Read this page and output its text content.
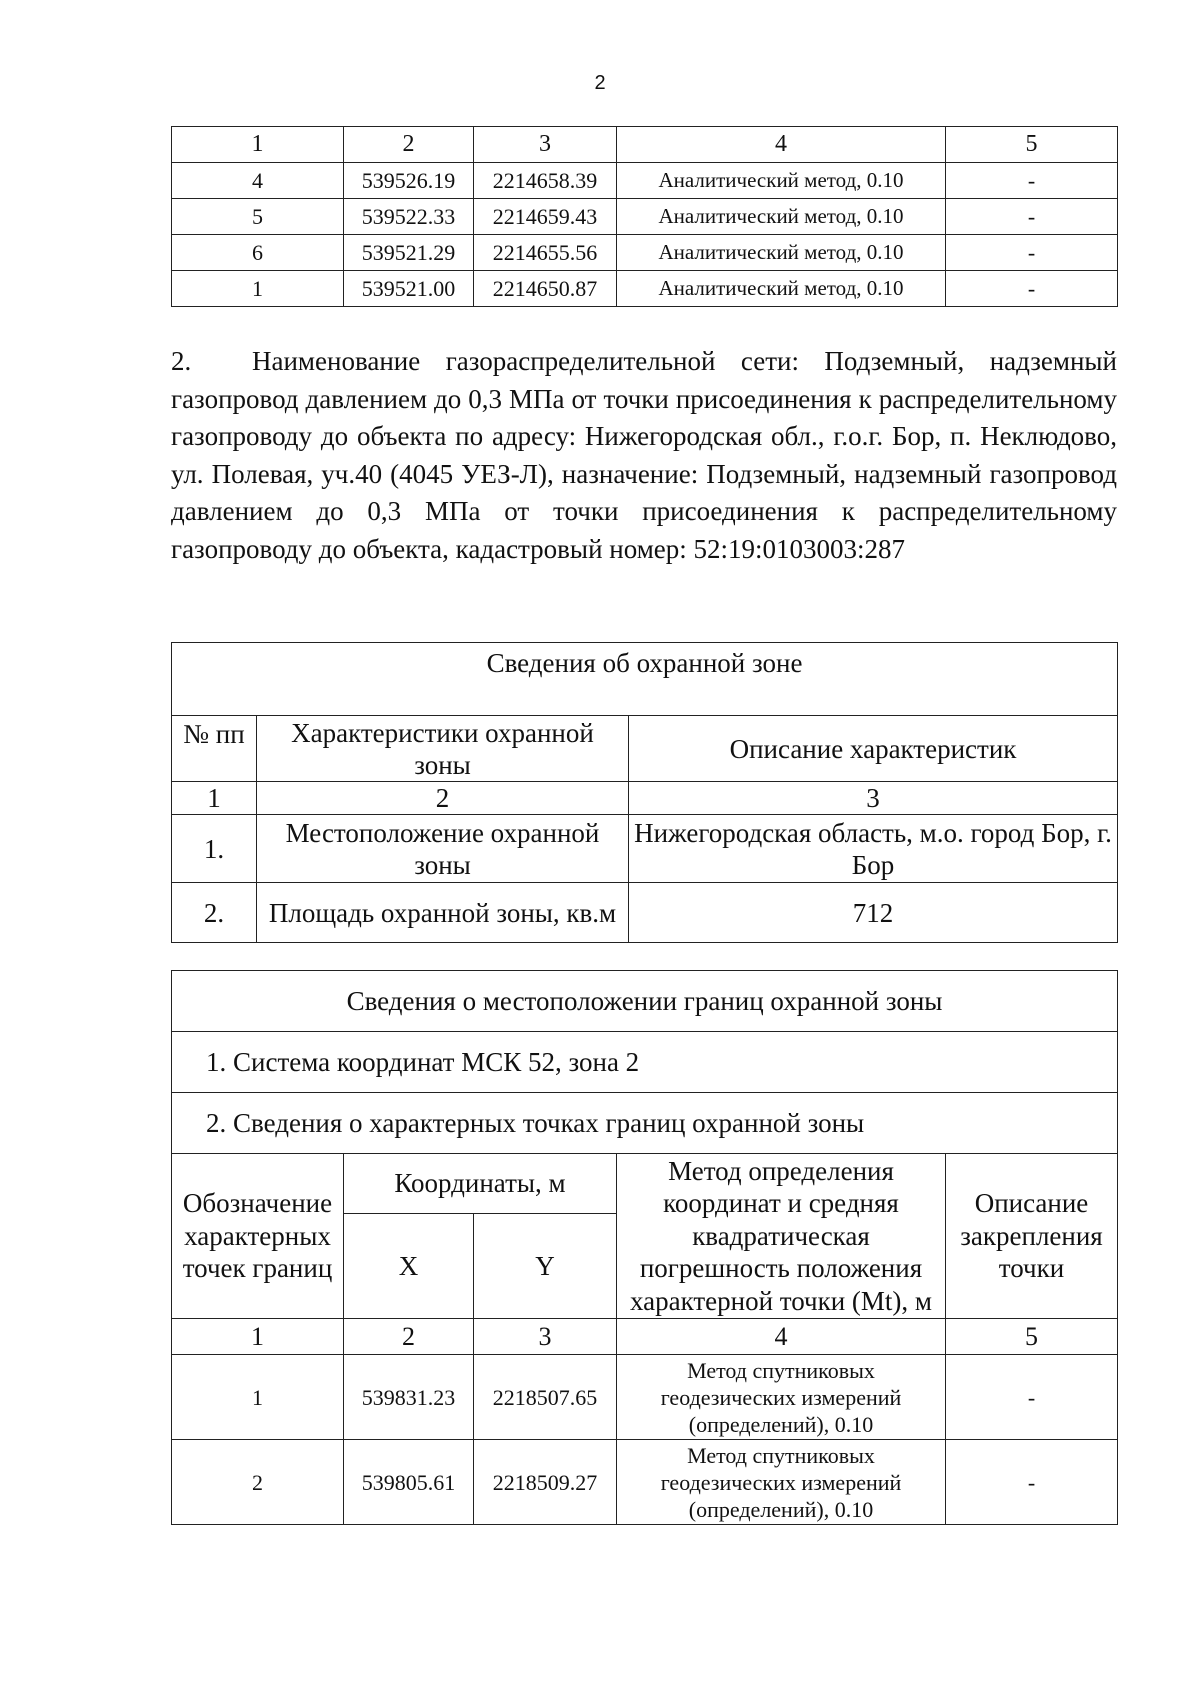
2
1	2	3	4	5
4	539526.19	2214658.39	Аналитический метод, 0.10	-
5	539522.33	2214659.43	Аналитический метод, 0.10	-
6	539521.29	2214655.56	Аналитический метод, 0.10	-
1	539521.00	2214650.87	Аналитический метод, 0.10	-

2. Наименование газораспределительной сети: Подземный, надземный газопровод давлением до 0,3 МПа от точки присоединения к распределительному газопроводу до объекта по адресу: Нижегородская обл., г.о.г. Бор, п. Неклюдово, ул. Полевая, уч.40 (4045 УЕЗ-Л), назначение: Подземный, надземный газопровод давлением до 0,3 МПа от точки присоединения к распределительному газопроводу до объекта, кадастровый номер: 52:19:0103003:287

Сведения об охранной зоне		
№ пп	Характеристики охранной зоны	Описание характеристик
1	2	3
1.	Местоположение охранной зоны	Нижегородская область, м.о. город Бор, г. Бор
2.	Площадь охранной зоны, кв.м	712
Сведения о местоположении границ охранной зоны				
1. Система координат МСК 52, зона 2				
2. Сведения о характерных точках границ охранной зоны				
Обозначение характерных точек границ	Координаты, м		Метод определения координат и средняя квадратическая погрешность положения характерной точки (Mt), м	Описание закрепления точки
	X	Y		
1	2	3	4	5
1	539831.23	2218507.65	Метод спутниковых геодезических измерений (определений), 0.10	-
2	539805.61	2218509.27	Метод спутниковых геодезических измерений (определений), 0.10	-
